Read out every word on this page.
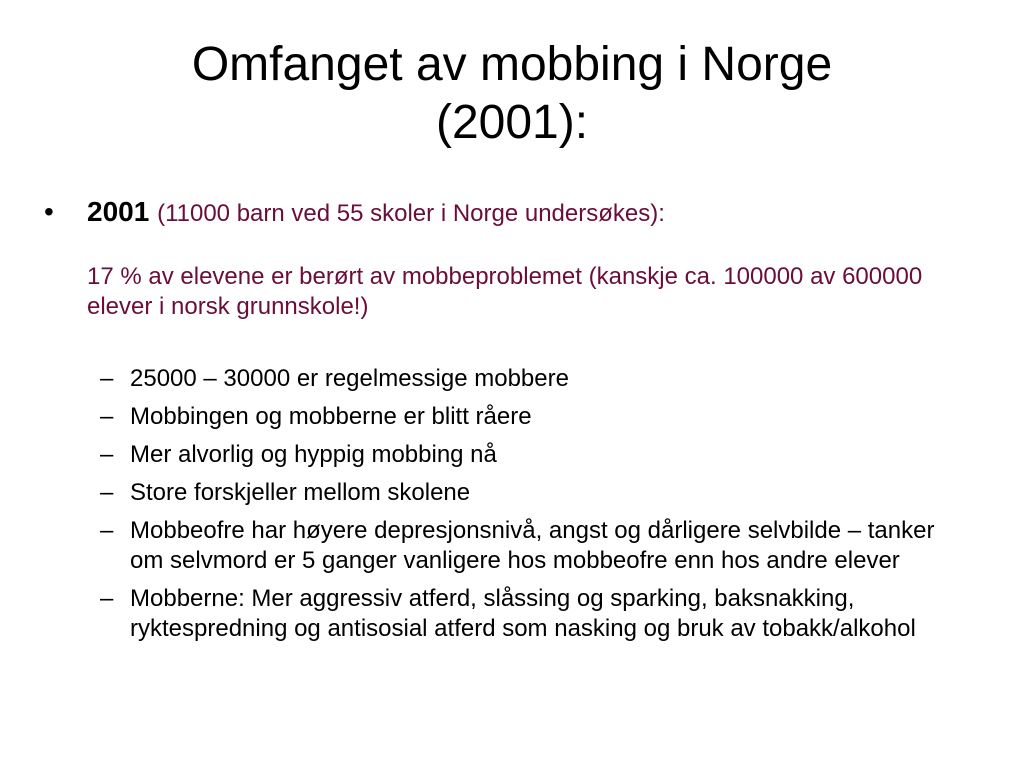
Omfanget av mobbing i Norge
(2001):
• 2001 (11000 barn ved 55 skoler i Norge undersøkes):
17 % av elevene er berørt av mobbeproblemet (kanskje ca. 100000 av 600000 elever i norsk grunnskole!)
– 25000 – 30000 er regelmessige mobbere
– Mobbingen og mobberne er blitt råere
– Mer alvorlig og hyppig mobbing nå
– Store forskjeller mellom skolene
– Mobbeofre har høyere depresjonsnivå, angst og dårligere selvbilde – tanker om selvmord er 5 ganger vanligere hos mobbeofre enn hos andre elever
– Mobberne: Mer aggressiv atferd, slåssing og sparking, baksnakking, ryktespredning og antisosial atferd som nasking og bruk av tobakk/alkohol
